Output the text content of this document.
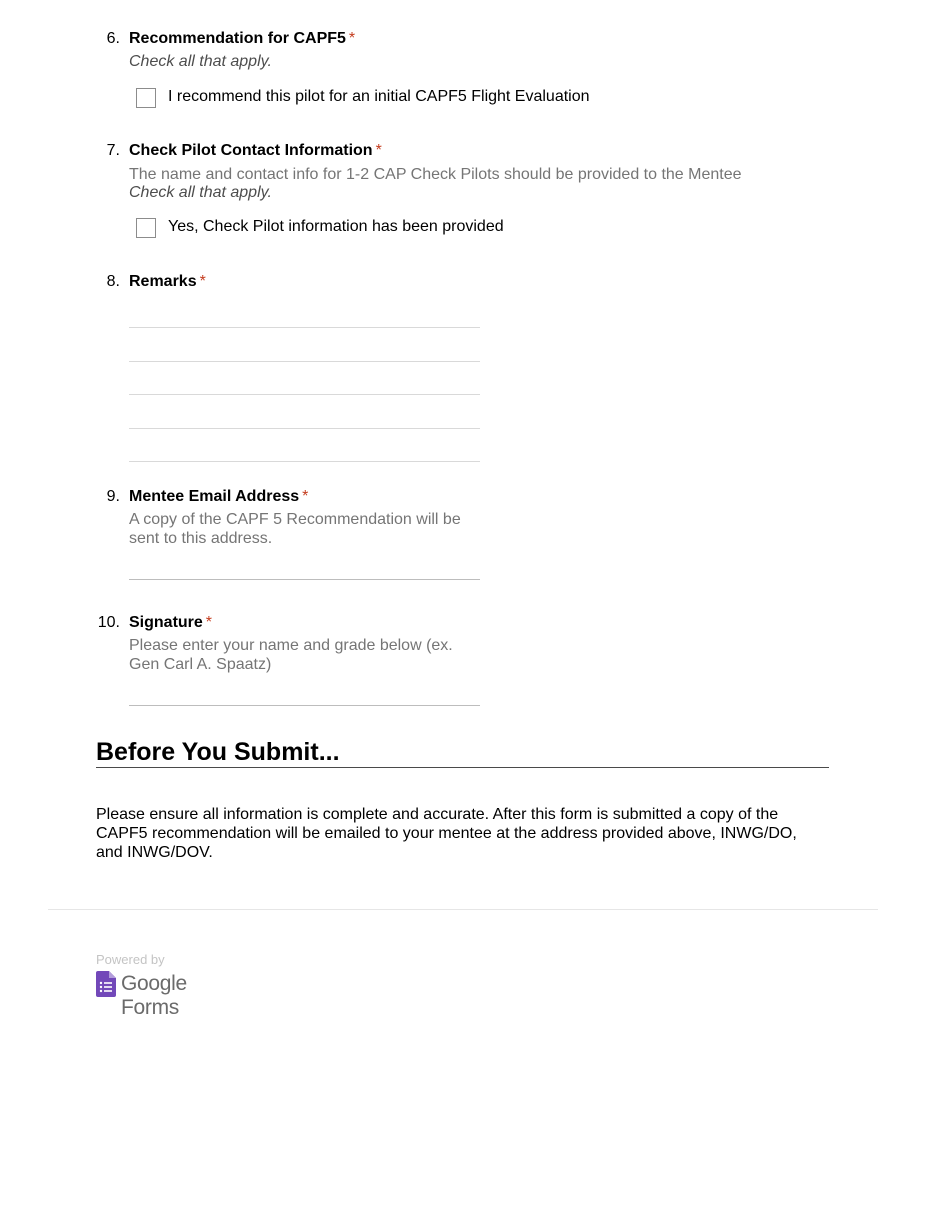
6. Recommendation for CAPF5 *
Check all that apply.
I recommend this pilot for an initial CAPF5 Flight Evaluation
7. Check Pilot Contact Information *
The name and contact info for 1-2 CAP Check Pilots should be provided to the Mentee
Check all that apply.
Yes, Check Pilot information has been provided
8. Remarks *
9. Mentee Email Address *
A copy of the CAPF 5 Recommendation will be
sent to this address.
10. Signature *
Please enter your name and grade below (ex.
Gen Carl A. Spaatz)
Before You Submit...
Please ensure all information is complete and accurate. After this form is submitted a copy of the
CAPF5 recommendation will be emailed to your mentee at the address provided above, INWG/DO,
and INWG/DOV.
Powered by
Google Forms
